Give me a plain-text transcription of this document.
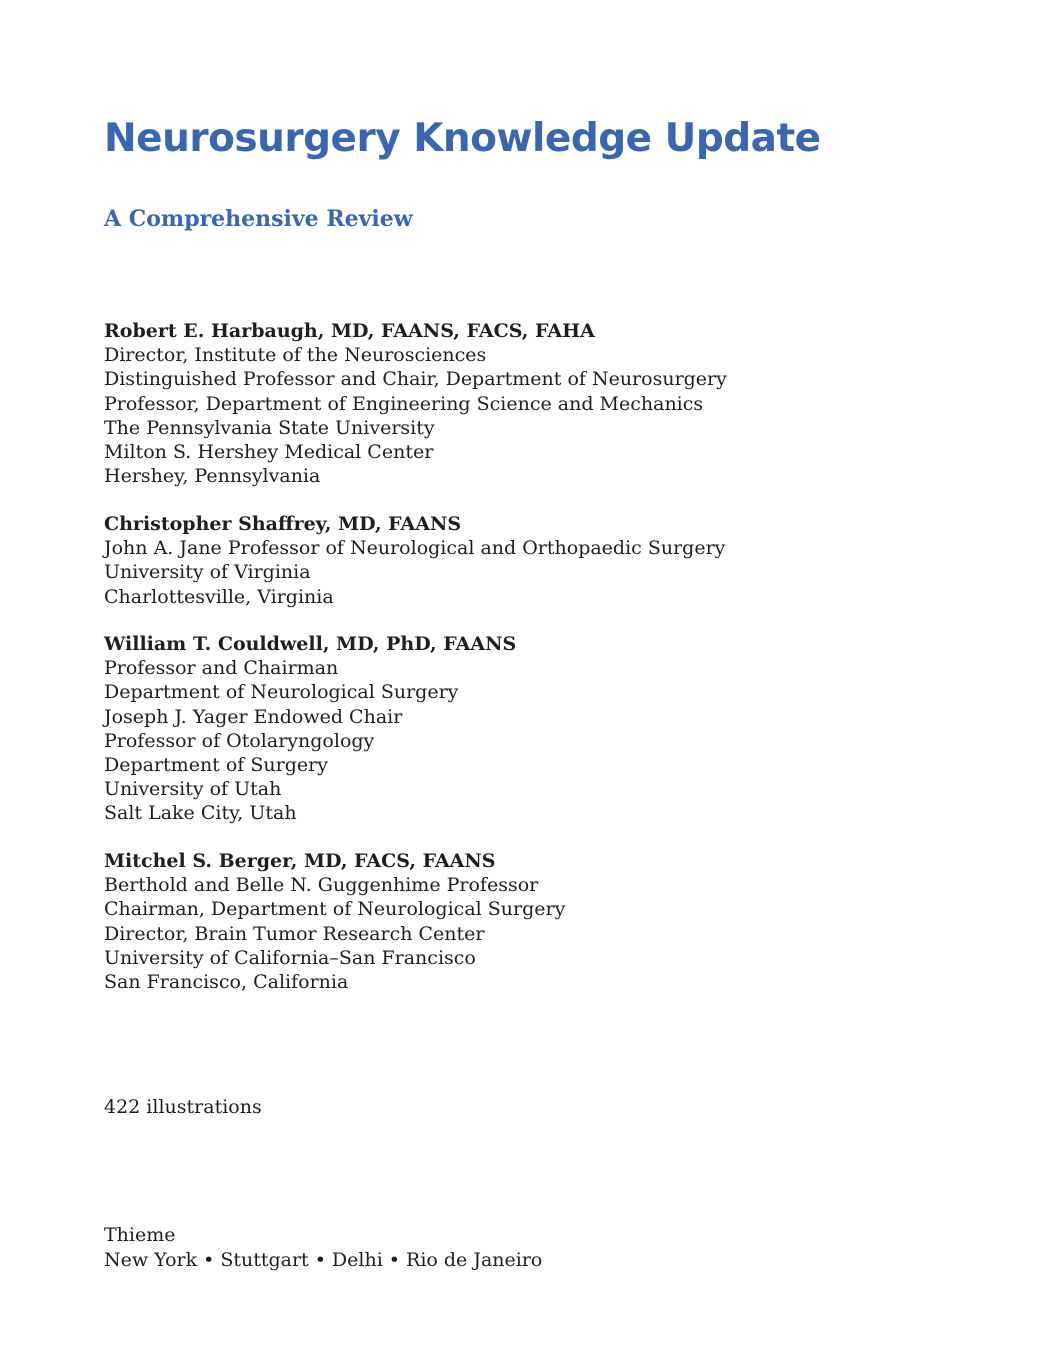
Neurosurgery Knowledge Update
A Comprehensive Review
Robert E. Harbaugh, MD, FAANS, FACS, FAHA
Director, Institute of the Neurosciences
Distinguished Professor and Chair, Department of Neurosurgery
Professor, Department of Engineering Science and Mechanics
The Pennsylvania State University
Milton S. Hershey Medical Center
Hershey, Pennsylvania
Christopher Shaffrey, MD, FAANS
John A. Jane Professor of Neurological and Orthopaedic Surgery
University of Virginia
Charlottesville, Virginia
William T. Couldwell, MD, PhD, FAANS
Professor and Chairman
Department of Neurological Surgery
Joseph J. Yager Endowed Chair
Professor of Otolaryngology
Department of Surgery
University of Utah
Salt Lake City, Utah
Mitchel S. Berger, MD, FACS, FAANS
Berthold and Belle N. Guggenhime Professor
Chairman, Department of Neurological Surgery
Director, Brain Tumor Research Center
University of California–San Francisco
San Francisco, California
422 illustrations
Thieme
New York • Stuttgart • Delhi • Rio de Janeiro
